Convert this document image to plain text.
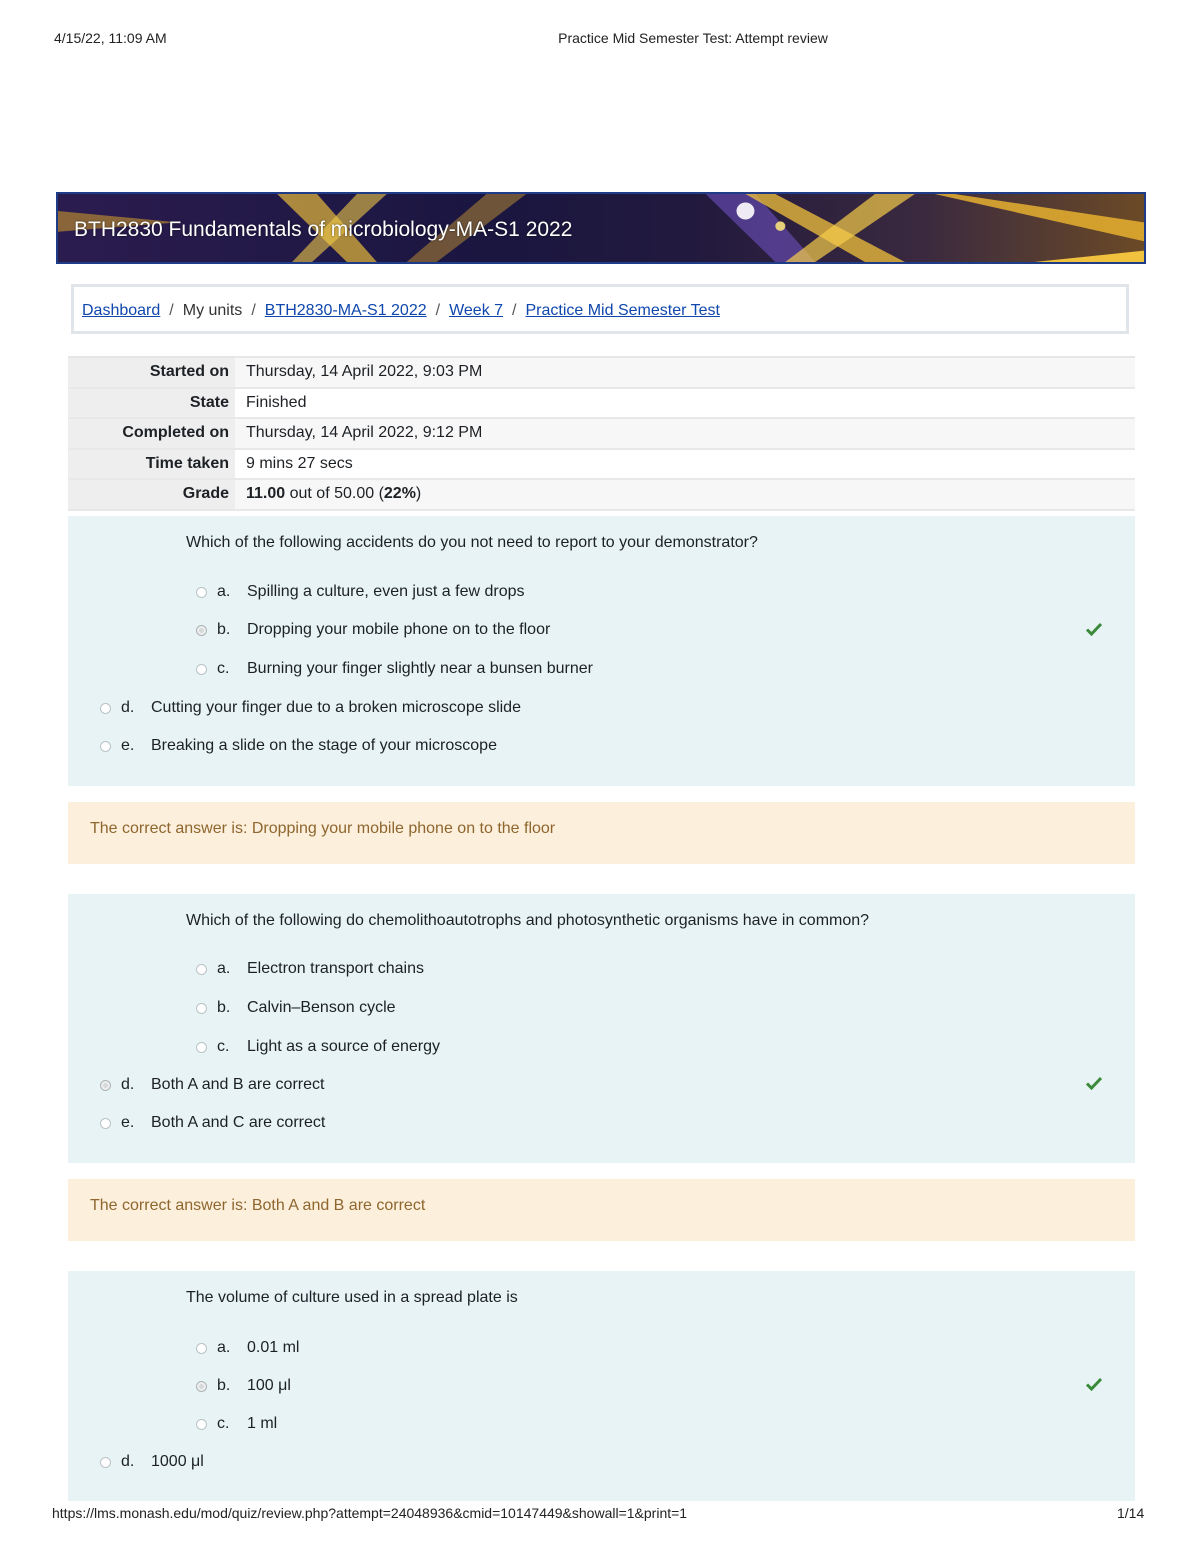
4/15/22, 11:09 AM	Practice Mid Semester Test: Attempt review
BTH2830 Fundamentals of microbiology-MA-S1 2022
Dashboard / My units / BTH2830-MA-S1 2022 / Week 7 / Practice Mid Semester Test
Started on	Thursday, 14 April 2022, 9:03 PM
State	Finished
Completed on	Thursday, 14 April 2022, 9:12 PM
Time taken	9 mins 27 secs
Grade	11.00 out of 50.00 (22%)
Which of the following accidents do you not need to report to your demonstrator?
a.	Spilling a culture, even just a few drops
b.	Dropping your mobile phone on to the floor
c.	Burning your finger slightly near a bunsen burner
d.	Cutting your finger due to a broken microscope slide
e.	Breaking a slide on the stage of your microscope
The correct answer is: Dropping your mobile phone on to the floor
Which of the following do chemolithoautotrophs and photosynthetic organisms have in common?
a.	Electron transport chains
b.	Calvin–Benson cycle
c.	Light as a source of energy
d.	Both A and B are correct
e.	Both A and C are correct
The correct answer is: Both A and B are correct
The volume of culture used in a spread plate is
a.	0.01 ml
b.	100 μl
c.	1 ml
d.	1000 μl
https://lms.monash.edu/mod/quiz/review.php?attempt=24048936&cmid=10147449&showall=1&print=1	1/14
